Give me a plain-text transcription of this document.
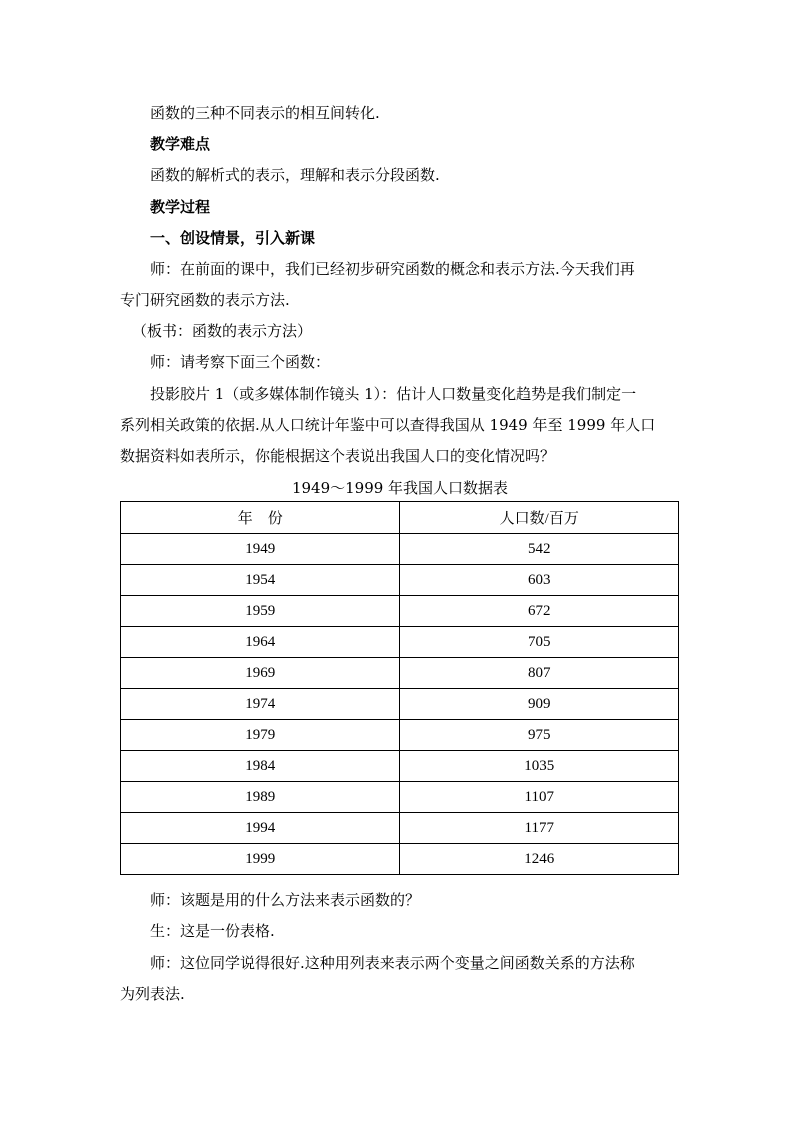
函数的三种不同表示的相互间转化.
教学难点
函数的解析式的表示，理解和表示分段函数.
教学过程
一、创设情景，引入新课
师：在前面的课中，我们已经初步研究函数的概念和表示方法.今天我们再
专门研究函数的表示方法.
（板书：函数的表示方法）
师：请考察下面三个函数：
投影胶片 1（或多媒体制作镜头 1）：估计人口数量变化趋势是我们制定一
系列相关政策的依据.从人口统计年鉴中可以查得我国从 1949 年至 1999 年人口
数据资料如表所示，你能根据这个表说出我国人口的变化情况吗？
1949～1999 年我国人口数据表
年　份	人口数/百万
1949	542
1954	603
1959	672
1964	705
1969	807
1974	909
1979	975
1984	1035
1989	1107
1994	1177
1999	1246
师：该题是用的什么方法来表示函数的？
生：这是一份表格.
师：这位同学说得很好.这种用列表来表示两个变量之间函数关系的方法称
为列表法.
